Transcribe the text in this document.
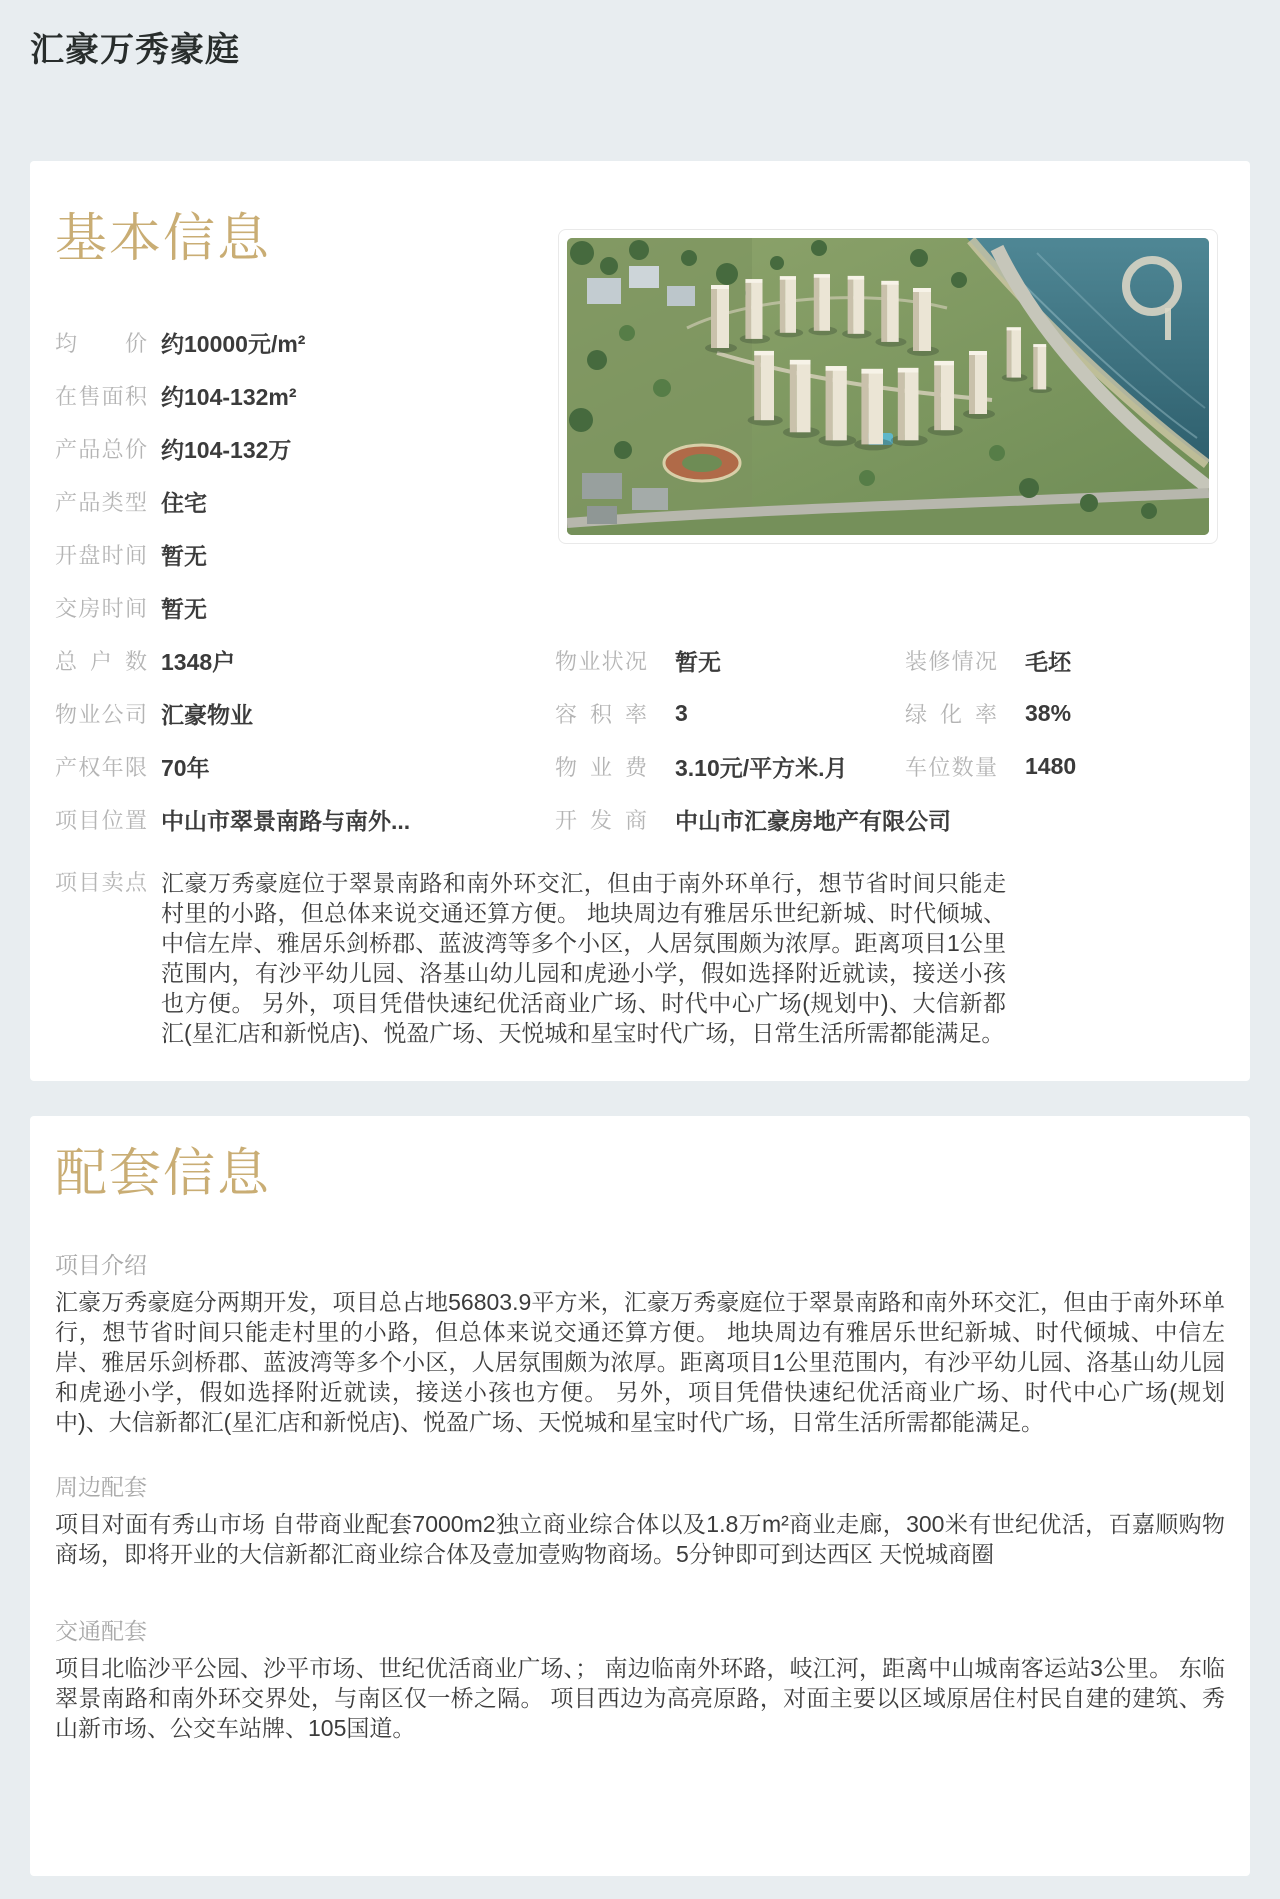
汇豪万秀豪庭
基本信息
均价 约10000元/m²
在售面积 约104-132m²
产品总价 约104-132万
产品类型 住宅
开盘时间 暂无
交房时间 暂无
总户数 1348户	物业状况 暂无	装修情况 毛坯
物业公司 汇豪物业	容积率 3	绿化率 38%
产权年限 70年	物业费 3.10元/平方米.月	车位数量 1480
项目位置 中山市翠景南路与南外...	开发商 中山市汇豪房地产有限公司
项目卖点 汇豪万秀豪庭位于翠景南路和南外环交汇，但由于南外环单行，想节省时间只能走村里的小路，但总体来说交通还算方便。 地块周边有雅居乐世纪新城、时代倾城、中信左岸、雅居乐剑桥郡、蓝波湾等多个小区，人居氛围颇为浓厚。距离项目1公里范围内，有沙平幼儿园、洛基山幼儿园和虎逊小学，假如选择附近就读，接送小孩也方便。 另外，项目凭借快速纪优活商业广场、时代中心广场(规划中)、大信新都汇(星汇店和新悦店)、悦盈广场、天悦城和星宝时代广场，日常生活所需都能满足。

配套信息
项目介绍

汇豪万秀豪庭分两期开发，项目总占地56803.9平方米，汇豪万秀豪庭位于翠景南路和南外环交汇，但由于南外环单行，想节省时间只能走村里的小路，但总体来说交通还算方便。 地块周边有雅居乐世纪新城、时代倾城、中信左岸、雅居乐剑桥郡、蓝波湾等多个小区，人居氛围颇为浓厚。距离项目1公里范围内，有沙平幼儿园、洛基山幼儿园和虎逊小学，假如选择附近就读，接送小孩也方便。 另外，项目凭借快速纪优活商业广场、时代中心广场(规划中)、大信新都汇(星汇店和新悦店)、悦盈广场、天悦城和星宝时代广场，日常生活所需都能满足。

周边配套

项目对面有秀山市场 自带商业配套7000m2独立商业综合体以及1.8万m²商业走廊，300米有世纪优活，百嘉顺购物商场，即将开业的大信新都汇商业综合体及壹加壹购物商场。5分钟即可到达西区 天悦城商圈

交通配套

项目北临沙平公园、沙平市场、世纪优活商业广场、； 南边临南外环路，岐江河，距离中山城南客运站3公里。 东临翠景南路和南外环交界处，与南区仅一桥之隔。 项目西边为高亮原路，对面主要以区域原居住村民自建的建筑、秀山新市场、公交车站牌、105国道。
